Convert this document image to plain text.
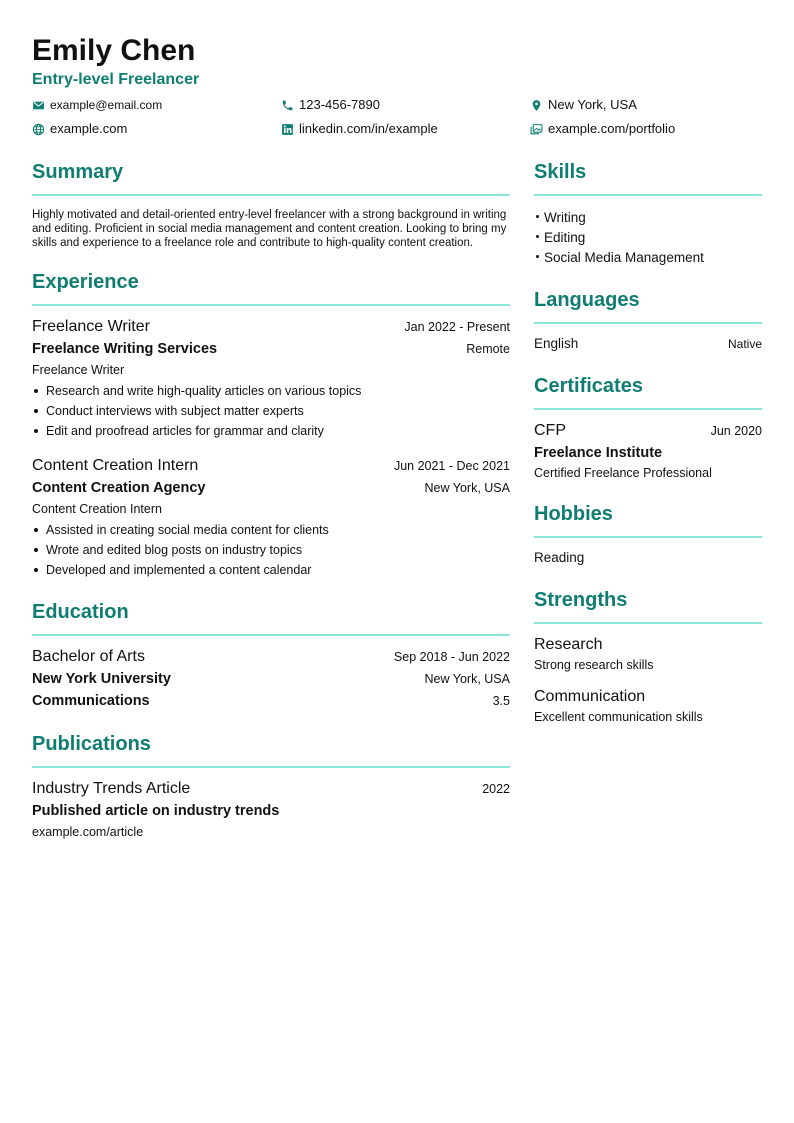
Emily Chen
Entry-level Freelancer
example@email.com	123-456-7890	New York, USA
example.com	linkedin.com/in/example	example.com/portfolio
Summary

Highly motivated and detail-oriented entry-level freelancer with a strong background in writing and editing. Proficient in social media management and content creation. Looking to bring my skills and experience to a freelance role and contribute to high-quality content creation.

Experience
Freelance Writer	Jan 2022 - Present
Freelance Writing Services	Remote
Freelance Writer
Research and write high-quality articles on various topics
Conduct interviews with subject matter experts
Edit and proofread articles for grammar and clarity
Content Creation Intern	Jun 2021 - Dec 2021
Content Creation Agency	New York, USA
Content Creation Intern
Assisted in creating social media content for clients
Wrote and edited blog posts on industry topics
Developed and implemented a content calendar
Education
Bachelor of Arts	Sep 2018 - Jun 2022
New York University	New York, USA
Communications	3.5
Publications
Industry Trends Article	2022
Published article on industry trends
example.com/article
Skills
Writing
Editing
Social Media Management
Languages
English	Native
Certificates
CFP	Jun 2020
Freelance Institute
Certified Freelance Professional
Hobbies
Reading
Strengths
Research
Strong research skills
Communication
Excellent communication skills
